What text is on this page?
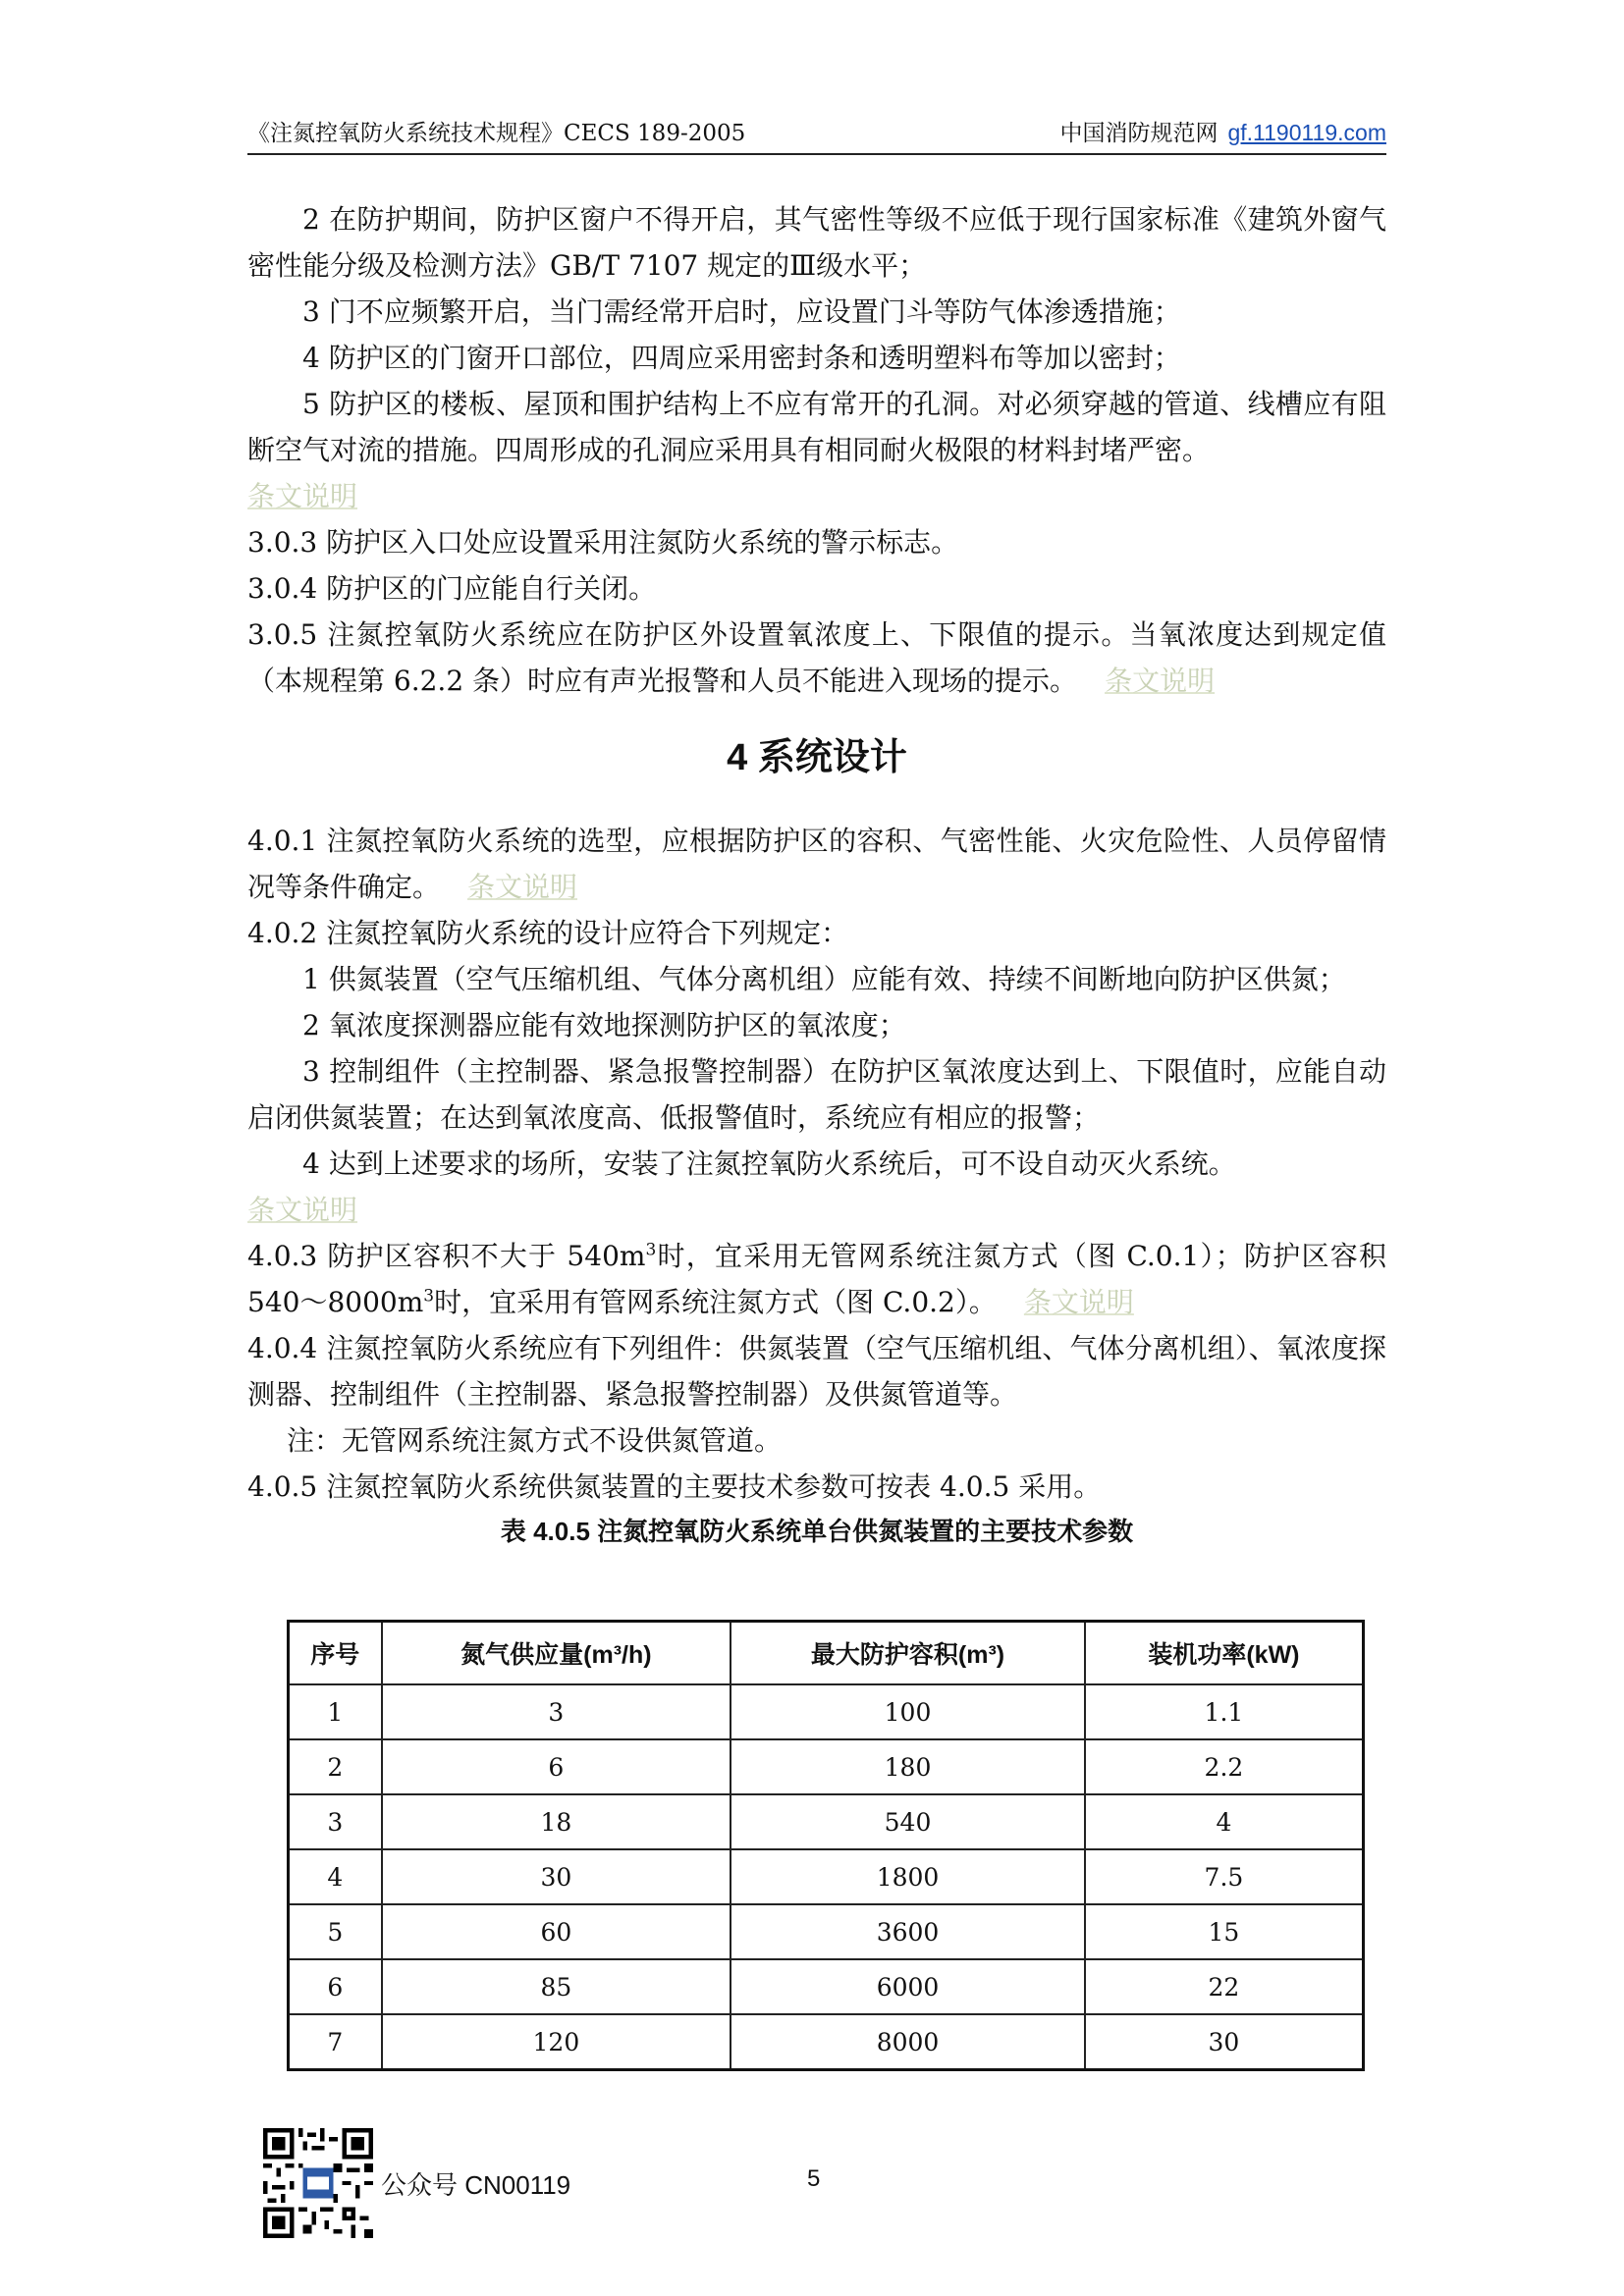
《注氮控氧防火系统技术规程》CECS 189-2005	中国消防规范网 gf.1190119.com

2 在防护期间，防护区窗户不得开启，其气密性等级不应低于现行国家标准《建筑外窗气密性能分级及检测方法》GB/T 7107 规定的Ⅲ级水平；

3 门不应频繁开启，当门需经常开启时，应设置门斗等防气体渗透措施；

4 防护区的门窗开口部位，四周应采用密封条和透明塑料布等加以密封；

5 防护区的楼板、屋顶和围护结构上不应有常开的孔洞。对必须穿越的管道、线槽应有阻断空气对流的措施。四周形成的孔洞应采用具有相同耐火极限的材料封堵严密。

条文说明

3.0.3 防护区入口处应设置采用注氮防火系统的警示标志。

3.0.4 防护区的门应能自行关闭。

3.0.5 注氮控氧防火系统应在防护区外设置氧浓度上、下限值的提示。当氧浓度达到规定值（本规程第 6.2.2 条）时应有声光报警和人员不能进入现场的提示。 条文说明

4 系统设计

4.0.1 注氮控氧防火系统的选型，应根据防护区的容积、气密性能、火灾危险性、人员停留情况等条件确定。 条文说明

4.0.2 注氮控氧防火系统的设计应符合下列规定：

1 供氮装置（空气压缩机组、气体分离机组）应能有效、持续不间断地向防护区供氮；

2 氧浓度探测器应能有效地探测防护区的氧浓度；

3 控制组件（主控制器、紧急报警控制器）在防护区氧浓度达到上、下限值时，应能自动启闭供氮装置；在达到氧浓度高、低报警值时，系统应有相应的报警；

4 达到上述要求的场所，安装了注氮控氧防火系统后，可不设自动灭火系统。

条文说明

4.0.3 防护区容积不大于 $540m^3$时，宜采用无管网系统注氮方式（图 C.0.1）；防护区容积 $540\sim 8000m^3$时，宜采用有管网系统注氮方式（图 C.0.2）。 条文说明

4.0.4 注氮控氧防火系统应有下列组件：供氮装置（空气压缩机组、气体分离机组）、氧浓度探测器、控制组件（主控制器、紧急报警控制器）及供氮管道等。

注：无管网系统注氮方式不设供氮管道。

4.0.5 注氮控氧防火系统供氮装置的主要技术参数可按表 4.0.5 采用。

表 4.0.5 注氮控氧防火系统单台供氮装置的主要技术参数

序号	氮气供应量(m³/h)	最大防护容积(m³)	装机功率(kW)
1	3	100	1.1
2	6	180	2.2
3	18	540	4
4	30	1800	7.5
5	60	3600	15
6	85	6000	22
7	120	8000	30
公众号 CN00119	5
